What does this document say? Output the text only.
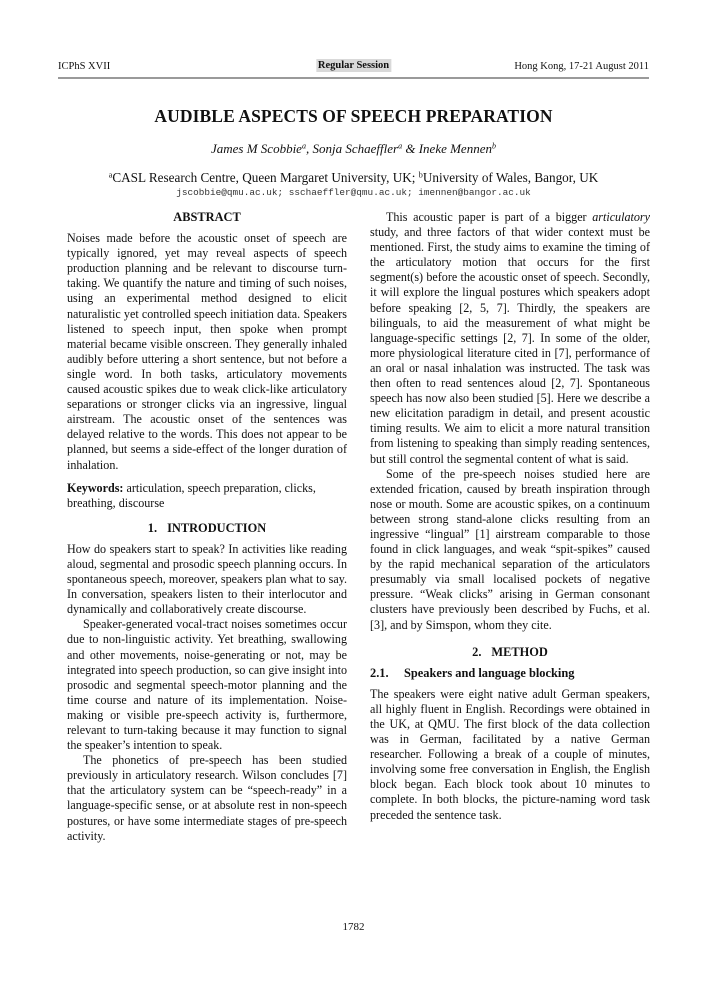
ICPhS XVII	Regular Session	Hong Kong, 17-21 August 2011
AUDIBLE ASPECTS OF SPEECH PREPARATION
James M Scobbie$^a$, Sonja Schaeffler$^a$ & Ineke Mennen$^b$
$^a$CASL Research Centre, Queen Margaret University, UK; $^b$University of Wales, Bangor, UK
jscobbie@qmu.ac.uk; sschaeffler@qmu.ac.uk; imennen@bangor.ac.uk
ABSTRACT

Noises made before the acoustic onset of speech are typically ignored, yet may reveal aspects of speech production planning and be relevant to discourse turn-taking. We quantify the nature and timing of such noises, using an experimental method designed to elicit naturalistic yet controlled speech initiation data. Speakers listened to speech input, then spoke when prompt material became visible onscreen. They generally inhaled audibly before uttering a short sentence, but not before a single word. In both tasks, articulatory movements caused acoustic spikes due to weak click-like articulatory separations or stronger clicks via an ingressive, lingual airstream. The acoustic onset of the sentences was delayed relative to the words. This does not appear to be planned, but seems a side-effect of the longer duration of inhalation.

Keywords: articulation, speech preparation, clicks, breathing, discourse

1. INTRODUCTION

How do speakers start to speak? In activities like reading aloud, segmental and prosodic speech planning occurs. In spontaneous speech, moreover, speakers plan what to say. In conversation, speakers listen to their interlocutor and dynamically and collaboratively create discourse.

Speaker-generated vocal-tract noises sometimes occur due to non-linguistic activity. Yet breathing, swallowing and other movements, noise-generating or not, may be integrated into speech production, so can give insight into prosodic and segmental speech-motor planning and the time course and nature of its implementation. Noise-making or visible pre-speech activity is, furthermore, relevant to turn-taking because it may function to signal the speaker’s intention to speak.

The phonetics of pre-speech has been studied previously in articulatory research. Wilson concludes [7] that the articulatory system can be “speech-ready” in a language-specific sense, or at absolute rest in non-speech postures, or have some intermediate stages of pre-speech activity.

This acoustic paper is part of a bigger articulatory study, and three factors of that wider context must be mentioned. First, the study aims to examine the timing of the articulatory motion that occurs for the first segment(s) before the acoustic onset of speech. Secondly, it will explore the lingual postures which speakers adopt before speaking [2, 5, 7]. Thirdly, the speakers are bilinguals, to aid the measurement of what might be language-specific settings [2, 7]. In some of the older, more physiological literature cited in [7], performance of an oral or nasal inhalation was instructed. The task was then often to read sentences aloud [2, 7]. Spontaneous speech has now also been studied [5]. Here we describe a new elicitation paradigm in detail, and present acoustic timing results. We aim to elicit a more natural transition from listening to speaking than simply reading sentences, but still control the segmental content of what is said.

Some of the pre-speech noises studied here are extended frication, caused by breath inspiration through nose or mouth. Some are acoustic spikes, on a continuum between strong stand-alone clicks resulting from an ingressive “lingual” [1] airstream comparable to those found in click languages, and weak “spit-spikes” caused by the rapid mechanical separation of the articulators presumably via small localised pockets of negative pressure. “Weak clicks” arising in German consonant clusters have previously been described by Fuchs, et al. [3], and by Simspon, whom they cite.

2. METHOD
2.1. Speakers and language blocking

The speakers were eight native adult German speakers, all highly fluent in English. Recordings were obtained in the UK, at QMU. The first block of the data collection was in German, facilitated by a native German researcher. Following a break of a couple of minutes, involving some free conversation in English, the English block began. Each block took about 10 minutes to complete. In both blocks, the picture-naming word task preceded the sentence task.

1782
